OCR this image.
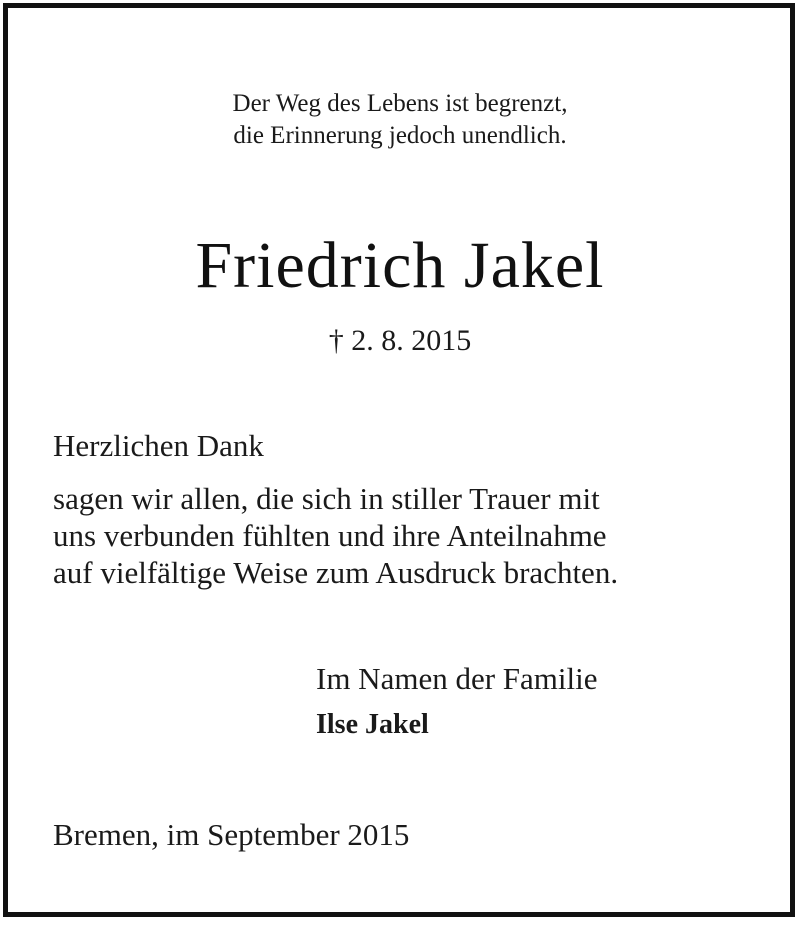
Der Weg des Lebens ist begrenzt,
die Erinnerung jedoch unendlich.
Friedrich Jakel
† 2. 8. 2015
Herzlichen Dank
sagen wir allen, die sich in stiller Trauer mit
uns verbunden fühlten und ihre Anteilnahme
auf vielfältige Weise zum Ausdruck brachten.
Im Namen der Familie
Ilse Jakel
Bremen, im September 2015
